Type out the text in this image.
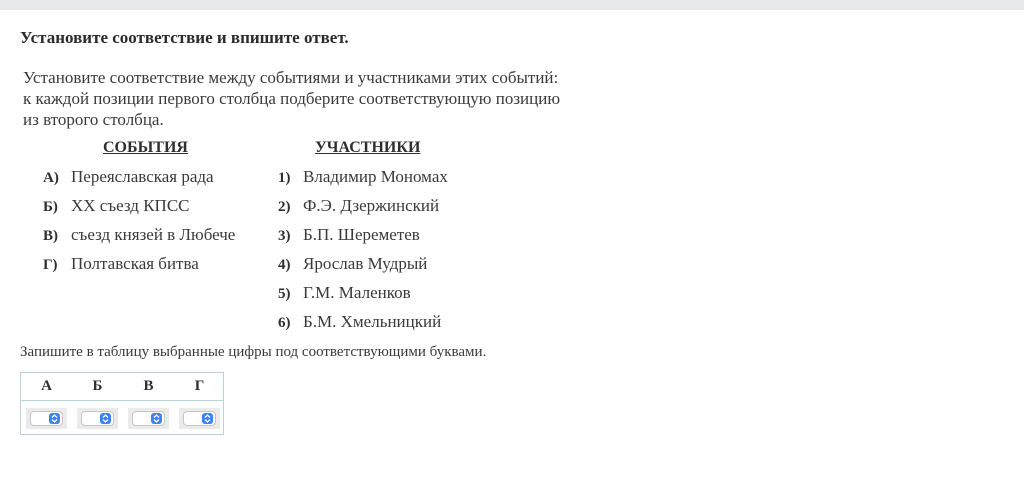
Установите соответствие и впишите ответ.
Установите соответствие между событиями и участниками этих событий:
к каждой позиции первого столбца подберите соответствующую позицию
из второго столбца.
СОБЫТИЯ	УЧАСТНИКИ
А) Переяславская рада
Б) XX съезд КПСС
В) съезд князей в Любече
Г) Полтавская битва
1) Владимир Мономах
2) Ф.Э. Дзержинский
3) Б.П. Шереметев
4) Ярослав Мудрый
5) Г.М. Маленков
6) Б.М. Хмельницкий
Запишите в таблицу выбранные цифры под соответствующими буквами.
А	Б	В	Г
